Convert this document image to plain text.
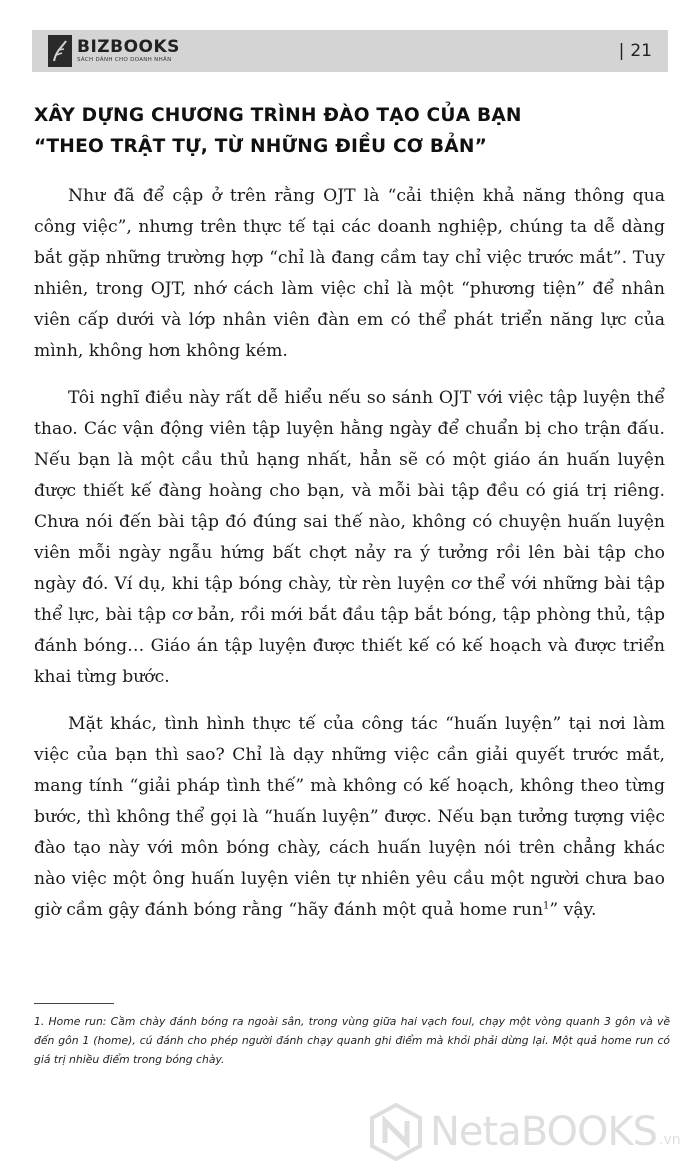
BIZBOOKS
SÁCH DÀNH CHO DOANH NHÂN	| 21
XÂY DỰNG CHƯƠNG TRÌNH ĐÀO TẠO CỦA BẠN
“THEO TRẬT TỰ, TỪ NHỮNG ĐIỀU CƠ BẢN”

Như đã để cập ở trên rằng OJT là “cải thiện khả năng thông qua công việc”, nhưng trên thực tế tại các doanh nghiệp, chúng ta dễ dàng bắt gặp những trường hợp “chỉ là đang cầm tay chỉ việc trước mắt”. Tuy nhiên, trong OJT, nhớ cách làm việc chỉ là một “phương tiện” để nhân viên cấp dưới và lớp nhân viên đàn em có thể phát triển năng lực của mình, không hơn không kém.

Tôi nghĩ điều này rất dễ hiểu nếu so sánh OJT với việc tập luyện thể thao. Các vận động viên tập luyện hằng ngày để chuẩn bị cho trận đấu. Nếu bạn là một cầu thủ hạng nhất, hẳn sẽ có một giáo án huấn luyện được thiết kế đàng hoàng cho bạn, và mỗi bài tập đều có giá trị riêng. Chưa nói đến bài tập đó đúng sai thế nào, không có chuyện huấn luyện viên mỗi ngày ngẫu hứng bất chợt nảy ra ý tưởng rồi lên bài tập cho ngày đó. Ví dụ, khi tập bóng chày, từ rèn luyện cơ thể với những bài tập thể lực, bài tập cơ bản, rồi mới bắt đầu tập bắt bóng, tập phòng thủ, tập đánh bóng… Giáo án tập luyện được thiết kế có kế hoạch và được triển khai từng bước.

Mặt khác, tình hình thực tế của công tác “huấn luyện” tại nơi làm việc của bạn thì sao? Chỉ là dạy những việc cần giải quyết trước mắt, mang tính “giải pháp tình thế” mà không có kế hoạch, không theo từng bước, thì không thể gọi là “huấn luyện” được. Nếu bạn tưởng tượng việc đào tạo này với môn bóng chày, cách huấn luyện nói trên chẳng khác nào việc một ông huấn luyện viên tự nhiên yêu cầu một người chưa bao giờ cầm gậy đánh bóng rằng “hãy đánh một quả home run$^1$” vậy.

1. Home run: Cầm chày đánh bóng ra ngoài sân, trong vùng giữa hai vạch foul, chạy một vòng quanh 3 gôn và về đến gôn 1 (home), cú đánh cho phép người đánh chạy quanh ghi điểm mà khỏi phải dừng lại. Một quả home run có giá trị nhiều điểm trong bóng chày.
NetaBOOKS .vn
